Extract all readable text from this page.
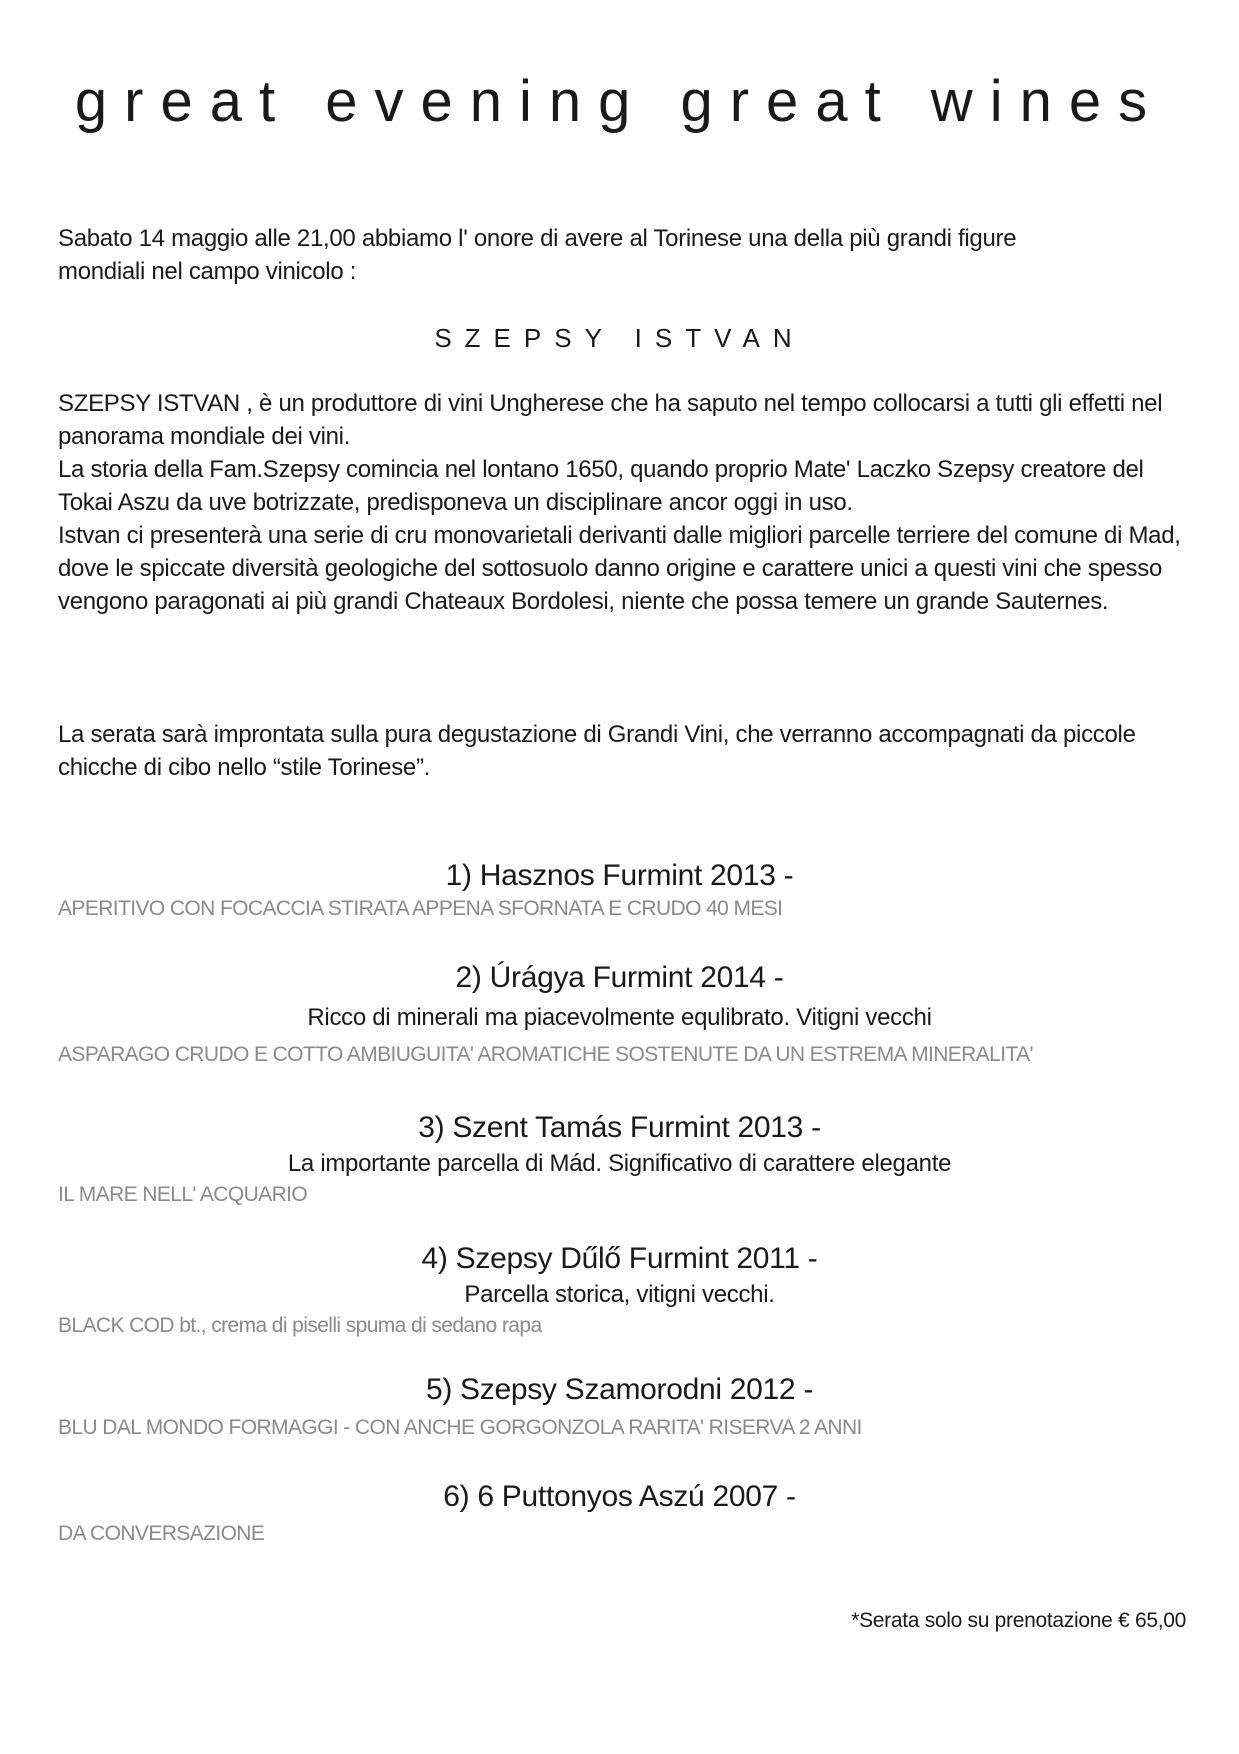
great evening great wines

Sabato 14 maggio alle 21,00 abbiamo l' onore di avere al Torinese una della più grandi figure

mondiali nel campo vinicolo :

SZEPSY ISTVAN

SZEPSY ISTVAN , è un produttore di vini Ungherese che ha saputo nel tempo collocarsi a tutti gli effetti nel panorama mondiale dei vini.

La storia della Fam.Szepsy comincia nel lontano 1650, quando proprio Mate' Laczko Szepsy creatore del Tokai Aszu da uve botrizzate, predisponeva un disciplinare ancor oggi in uso.

Istvan ci presenterà una serie di cru monovarietali derivanti dalle migliori parcelle terriere del comune di Mad, dove le spiccate diversità geologiche del sottosuolo danno origine e carattere unici a questi vini che spesso vengono paragonati ai più grandi Chateaux Bordolesi, niente che possa temere un grande Sauternes.

La serata sarà improntata sulla pura degustazione di Grandi Vini, che verranno accompagnati da piccole chicche di cibo nello “stile Torinese”.
1) Hasznos Furmint 2013 -
APERITIVO CON FOCACCIA STIRATA APPENA SFORNATA E CRUDO 40 MESI
2) Úrágya Furmint 2014 -
Ricco di minerali ma piacevolmente equlibrato. Vitigni vecchi
ASPARAGO CRUDO E COTTO AMBIUGUITA' AROMATICHE SOSTENUTE DA UN ESTREMA MINERALITA'
3) Szent Tamás Furmint 2013 -
La importante parcella di Mád. Significativo di carattere elegante
IL MARE NELL' ACQUARIO
4) Szepsy Dűlő Furmint 2011 -
Parcella storica, vitigni vecchi.
BLACK COD bt., crema di piselli spuma di sedano rapa
5) Szepsy Szamorodni 2012 -
BLU DAL MONDO FORMAGGI - CON ANCHE GORGONZOLA RARITA' RISERVA 2 ANNI
6) 6 Puttonyos Aszú 2007 -
DA CONVERSAZIONE
*Serata solo su prenotazione € 65,00
